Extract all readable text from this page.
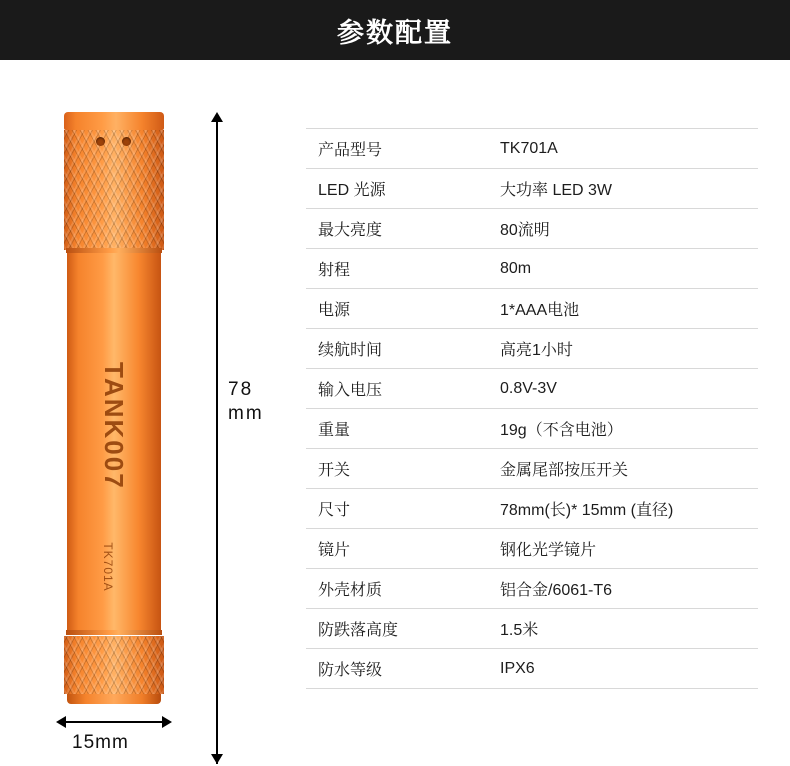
参数配置
TANK007
TK701A
78
mm
15mm
产品型号	TK701A
LED 光源	大功率 LED 3W
最大亮度	80流明
射程	80m
电源	1*AAA电池
续航时间	高亮1小时
输入电压	0.8V-3V
重量	19g（不含电池）
开关	金属尾部按压开关
尺寸	78mm(长)* 15mm (直径)
镜片	钢化光学镜片
外壳材质	铝合金/6061-T6
防跌落高度	1.5米
防水等级	IPX6
